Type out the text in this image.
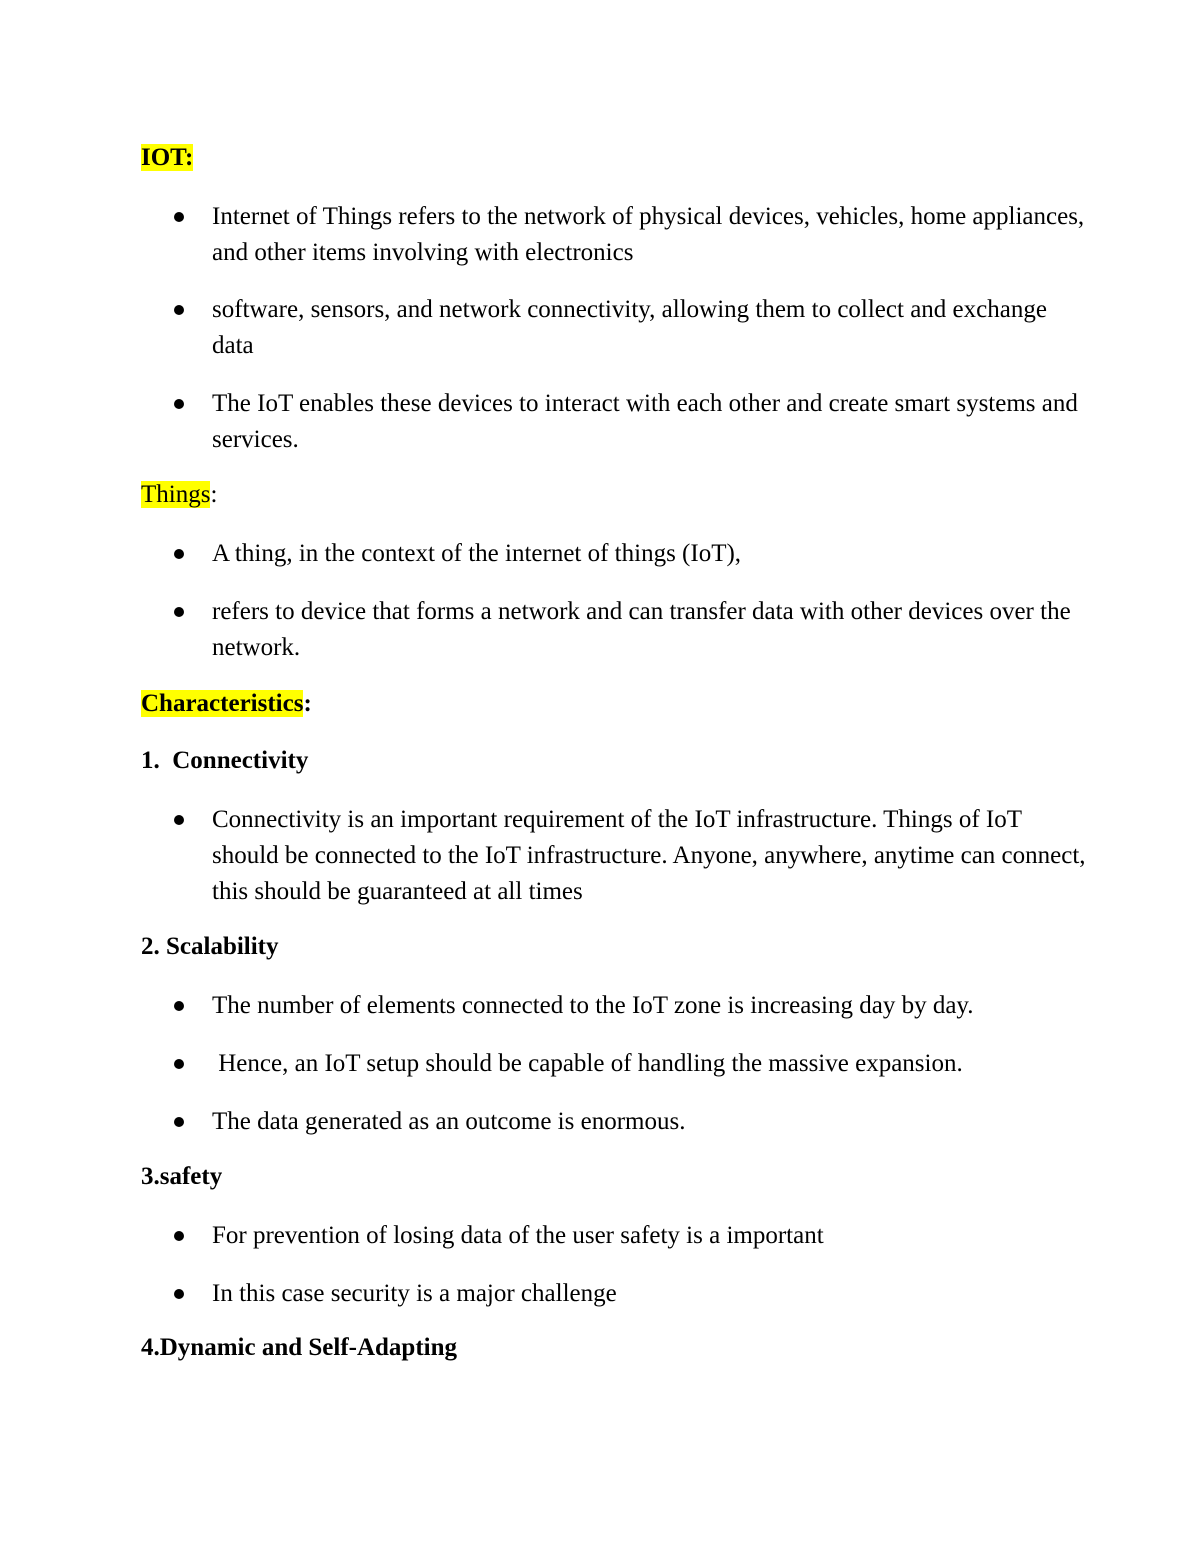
IOT:
Internet of Things refers to the network of physical devices, vehicles, home appliances, and other items involving with electronics
software, sensors, and network connectivity, allowing them to collect and exchange data
The IoT enables these devices to interact with each other and create smart systems and services.
Things:
A thing, in the context of the internet of things (IoT),
refers to device that forms a network and can transfer data with other devices over the network.
Characteristics:
1.  Connectivity
Connectivity is an important requirement of the IoT infrastructure. Things of IoT should be connected to the IoT infrastructure. Anyone, anywhere, anytime can connect, this should be guaranteed at all times
2. Scalability
The number of elements connected to the IoT zone is increasing day by day.
Hence, an IoT setup should be capable of handling the massive expansion.
The data generated as an outcome is enormous.
3.safety
For prevention of losing data of the user safety is a important
In this case security is a major challenge
4.Dynamic and Self-Adapting
